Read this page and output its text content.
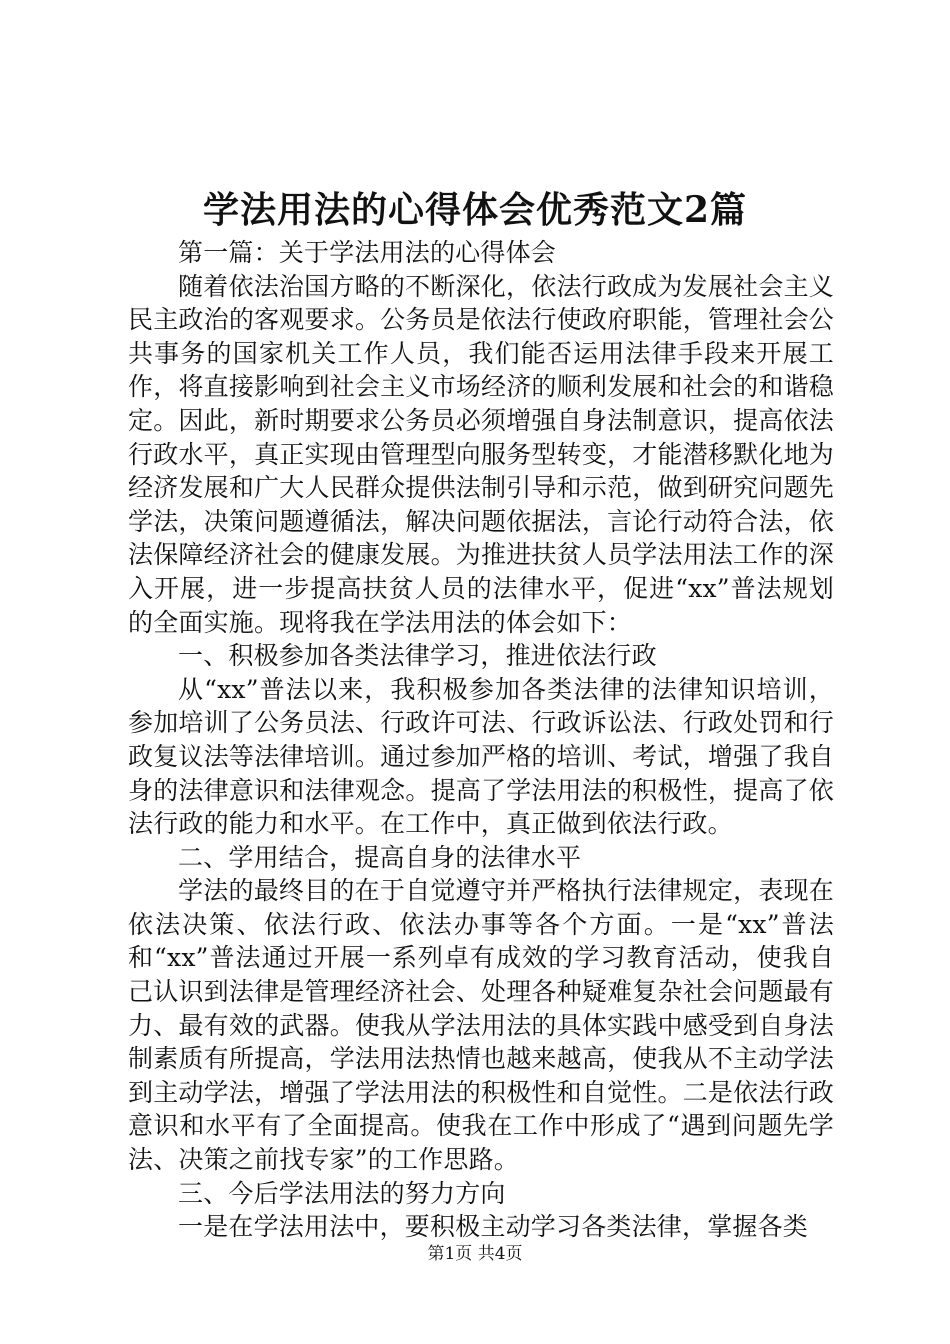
学法用法的心得体会优秀范文2篇

第一篇：关于学法用法的心得体会

随着依法治国方略的不断深化，依法行政成为发展社会主义民主政治的客观要求。公务员是依法行使政府职能，管理社会公共事务的国家机关工作人员，我们能否运用法律手段来开展工作，将直接影响到社会主义市场经济的顺利发展和社会的和谐稳定。因此，新时期要求公务员必须增强自身法制意识，提高依法行政水平，真正实现由管理型向服务型转变，才能潜移默化地为经济发展和广大人民群众提供法制引导和示范，做到研究问题先学法，决策问题遵循法，解决问题依据法，言论行动符合法，依法保障经济社会的健康发展。为推进扶贫人员学法用法工作的深入开展，进一步提高扶贫人员的法律水平，促进“xx”普法规划的全面实施。现将我在学法用法的体会如下：

一、积极参加各类法律学习，推进依法行政

从“xx”普法以来，我积极参加各类法律的法律知识培训，参加培训了公务员法、行政许可法、行政诉讼法、行政处罚和行政复议法等法律培训。通过参加严格的培训、考试，增强了我自身的法律意识和法律观念。提高了学法用法的积极性，提高了依法行政的能力和水平。在工作中，真正做到依法行政。

二、学用结合，提高自身的法律水平

学法的最终目的在于自觉遵守并严格执行法律规定，表现在依法决策、依法行政、依法办事等各个方面。一是“xx”普法和“xx”普法通过开展一系列卓有成效的学习教育活动，使我自己认识到法律是管理经济社会、处理各种疑难复杂社会问题最有力、最有效的武器。使我从学法用法的具体实践中感受到自身法制素质有所提高，学法用法热情也越来越高，使我从不主动学法到主动学法，增强了学法用法的积极性和自觉性。二是依法行政意识和水平有了全面提高。使我在工作中形成了“遇到问题先学法、决策之前找专家”的工作思路。

三、今后学法用法的努力方向

一是在学法用法中，要积极主动学习各类法律，掌握各类

第1页 共4页
